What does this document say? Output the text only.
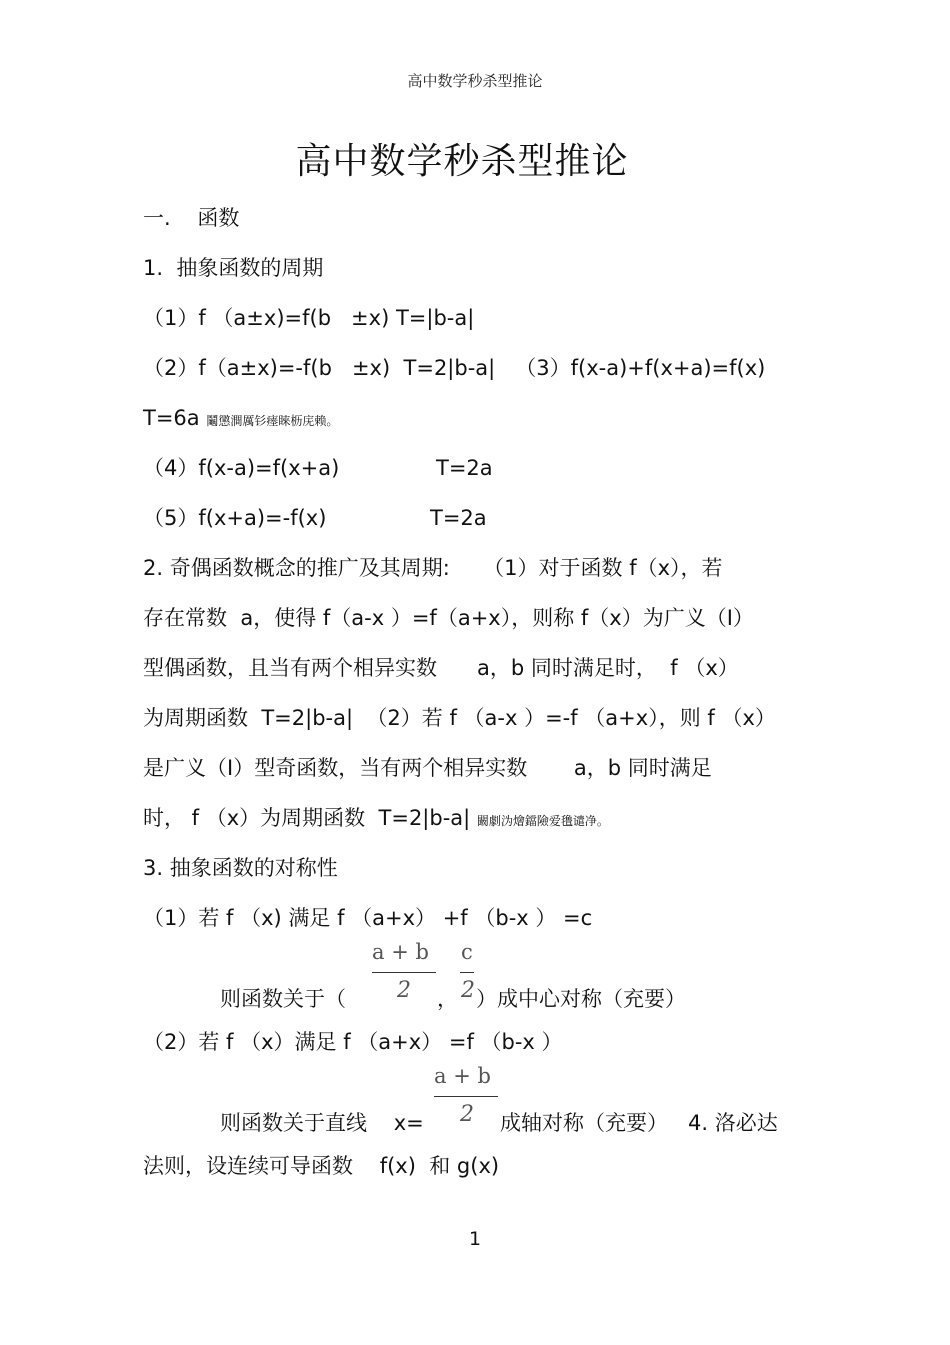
高中数学秒杀型推论
高中数学秒杀型推论
一.    函数
1.  抽象函数的周期
（1）f （a±x)=f(b   ±x) T=|b-a|
（2）f（a±x)=-f(b   ±x)  T=2|b-a|   （3）f(x-a)+f(x+a)=f(x)
T=6a 鬮懲澗厲钐瘗睞枥庑赖。
（4）f(x-a)=f(x+a)	T=2a
（5）f(x+a)=-f(x)	T=2a
2. 奇偶函数概念的推广及其周期:     （1）对于函数 f（x），若
存在常数  a，使得 f（a-x ）=f（a+x），则称 f（x）为广义（Ⅰ）
型偶函数，且当有两个相异实数      a，b 同时满足时，  f （x）
为周期函数  T=2|b-a|  （2）若 f （a-x ）=-f （a+x），则 f （x）
是广义（Ⅰ）型奇函数，当有两个相异实数       a，b 同时满足
时， f （x）为周期函数  T=2|b-a| 闞劇沩燴鐺險爱氇谴净。
3. 抽象函数的对称性
（1）若 f （x) 满足 f （a+x） +f （b-x ） =c
a + b
2
c
2
则函数关于（	， ）成中心对称（充要）
（2）若 f （x）满足 f （a+x） =f （b-x ）
a + b
2
则函数关于直线    x=	成轴对称（充要）   4. 洛必达
法则，设连续可导函数    f(x)  和 g(x)
1
